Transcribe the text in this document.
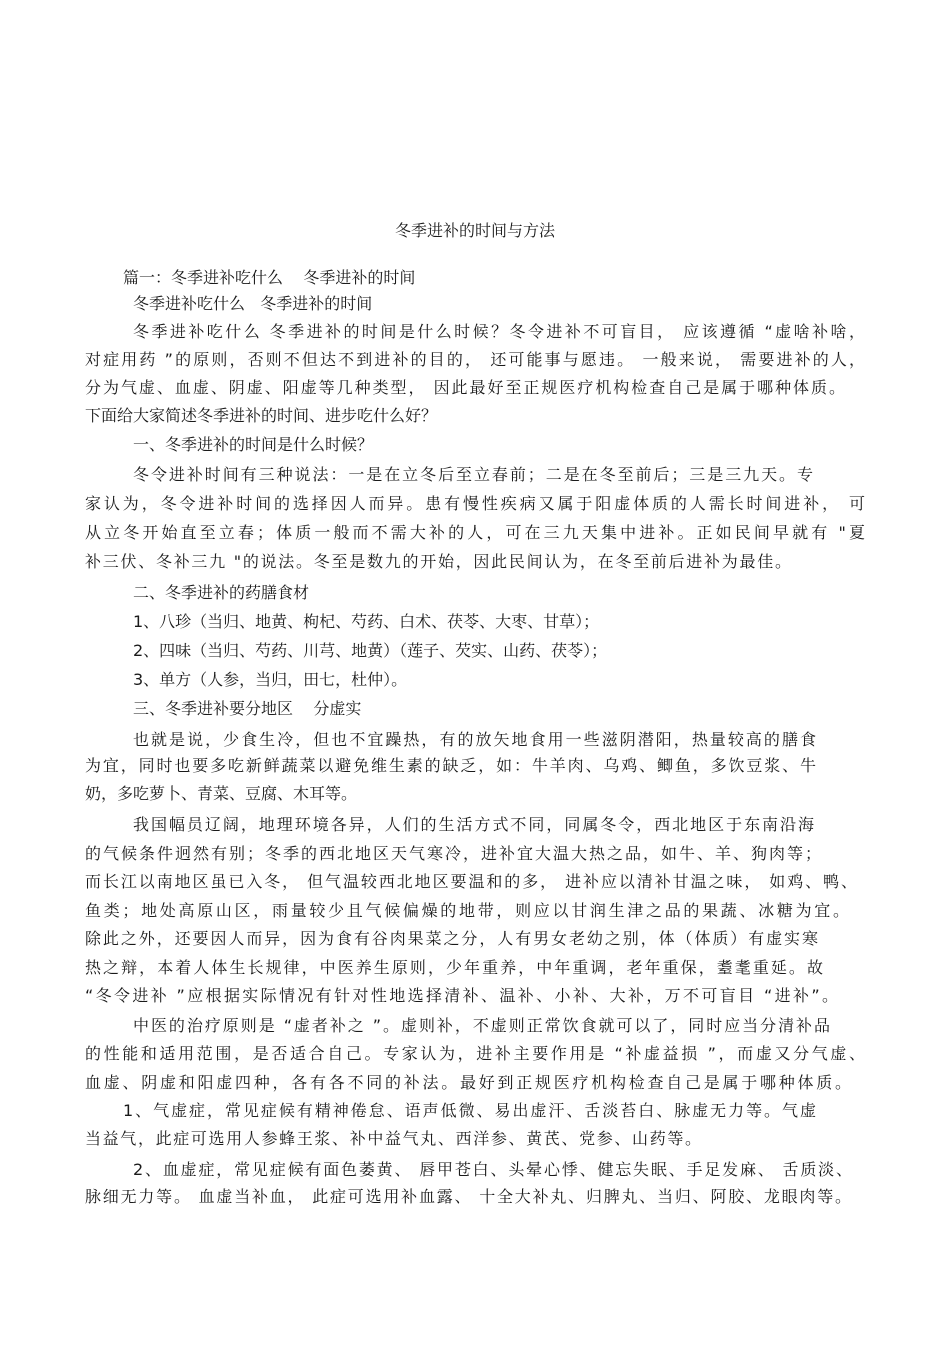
冬季进补的时间与方法
篇一：冬季进补吃什么    冬季进补的时间
冬季进补吃什么   冬季进补的时间
冬季进补吃什么 冬季进补的时间是什么时候？冬令进补不可盲目， 应该遵循 “虚啥补啥，
对症用药 ”的原则，否则不但达不到进补的目的， 还可能事与愿违。 一般来说， 需要进补的人，
分为气虚、血虚、阴虚、阳虚等几种类型， 因此最好至正规医疗机构检查自己是属于哪种体质。
下面给大家简述冬季进补的时间、进步吃什么好？
一、冬季进补的时间是什么时候？
冬令进补时间有三种说法：一是在立冬后至立春前；二是在冬至前后；三是三九天。专
家认为，冬令进补时间的选择因人而异。患有慢性疾病又属于阳虚体质的人需长时间进补， 可
从立冬开始直至立春；体质一般而不需大补的人，可在三九天集中进补。正如民间早就有 "夏
补三伏、冬补三九 "的说法。冬至是数九的开始，因此民间认为，在冬至前后进补为最佳。
二、冬季进补的药膳食材
1、八珍（当归、地黄、枸杞、芍药、白术、茯苓、大枣、甘草）；
2、四味（当归、芍药、川芎、地黄）（莲子、芡实、山药、茯苓）；
3、单方（人参，当归，田七，杜仲）。
三、冬季进补要分地区    分虚实
也就是说，少食生冷，但也不宜躁热，有的放矢地食用一些滋阴潜阳，热量较高的膳食
为宜，同时也要多吃新鲜蔬菜以避免维生素的缺乏，如：牛羊肉、乌鸡、鲫鱼，多饮豆浆、牛
奶，多吃萝卜、青菜、豆腐、木耳等。
我国幅员辽阔，地理环境各异，人们的生活方式不同，同属冬令，西北地区于东南沿海
的气候条件迥然有别；冬季的西北地区天气寒冷，进补宜大温大热之品，如牛、羊、狗肉等；
而长江以南地区虽已入冬， 但气温较西北地区要温和的多， 进补应以清补甘温之味， 如鸡、鸭、
鱼类；地处高原山区，雨量较少且气候偏燥的地带，则应以甘润生津之品的果蔬、冰糖为宜。
除此之外，还要因人而异，因为食有谷肉果菜之分，人有男女老幼之别，体（体质）有虚实寒
热之辩，本着人体生长规律，中医养生原则，少年重养，中年重调，老年重保，耋耄重延。故
“冬令进补 ”应根据实际情况有针对性地选择清补、温补、小补、大补，万不可盲目 “进补”。
中医的治疗原则是 “虚者补之 ”。虚则补，不虚则正常饮食就可以了，同时应当分清补品
的性能和适用范围，是否适合自己。专家认为，进补主要作用是 “补虚益损 ”，而虚又分气虚、
血虚、阴虚和阳虚四种，各有各不同的补法。最好到正规医疗机构检查自己是属于哪种体质。
1、气虚症，常见症候有精神倦怠、语声低微、易出虚汗、舌淡苔白、脉虚无力等。气虚
当益气，此症可选用人参蜂王浆、补中益气丸、西洋参、黄芪、党参、山药等。
2、血虚症，常见症候有面色萎黄、 唇甲苍白、头晕心悸、健忘失眠、手足发麻、 舌质淡、
脉细无力等。 血虚当补血， 此症可选用补血露、 十全大补丸、归脾丸、当归、阿胶、龙眼肉等。
